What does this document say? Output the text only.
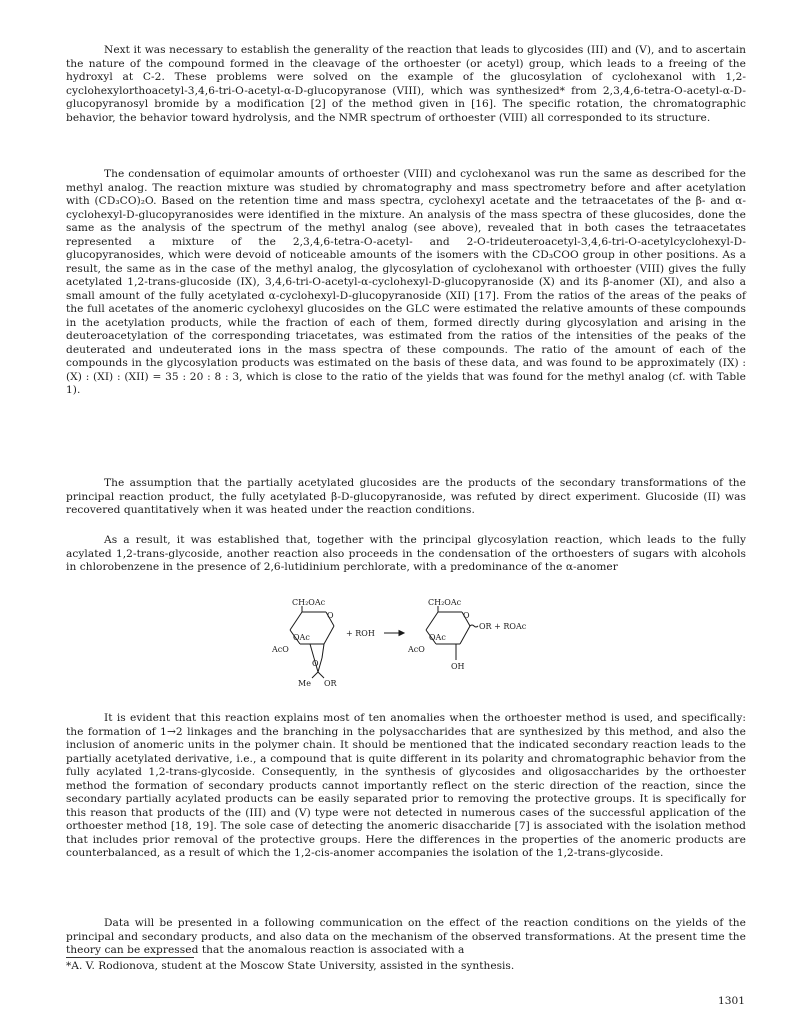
Next it was necessary to establish the generality of the reaction that leads to glycosides (III) and (V), and to ascertain the nature of the compound formed in the cleavage of the orthoester (or acetyl) group, which leads to a freeing of the hydroxyl at C-2. These problems were solved on the example of the glucosylation of cyclohexanol with 1,2-cyclohexylorthoacetyl-3,4,6-tri-O-acetyl-α-D-glucopyranose (VIII), which was synthesized* from 2,3,4,6-tetra-O-acetyl-α-D-glucopyranosyl bromide by a modification [2] of the method given in [16]. The specific rotation, the chromatographic behavior, the behavior toward hydrolysis, and the NMR spectrum of orthoester (VIII) all corresponded to its structure.

The condensation of equimolar amounts of orthoester (VIII) and cyclohexanol was run the same as described for the methyl analog. The reaction mixture was studied by chromatography and mass spectrometry before and after acetylation with (CD₃CO)₂O. Based on the retention time and mass spectra, cyclohexyl acetate and the tetraacetates of the β- and α-cyclohexyl-D-glucopyranosides were identified in the mixture. An analysis of the mass spectra of these glucosides, done the same as the analysis of the spectrum of the methyl analog (see above), revealed that in both cases the tetraacetates represented a mixture of the 2,3,4,6-tetra-O-acetyl- and 2-O-trideuteroacetyl-3,4,6-tri-O-acetylcyclohexyl-D-glucopyranosides, which were devoid of noticeable amounts of the isomers with the CD₃COO group in other positions. As a result, the same as in the case of the methyl analog, the glycosylation of cyclohexanol with orthoester (VIII) gives the fully acetylated 1,2-trans-glucoside (IX), 3,4,6-tri-O-acetyl-α-cyclohexyl-D-glucopyranoside (X) and its β-anomer (XI), and also a small amount of the fully acetylated α-cyclohexyl-D-glucopyranoside (XII) [17]. From the ratios of the areas of the peaks of the full acetates of the anomeric cyclohexyl glucosides on the GLC were estimated the relative amounts of these compounds in the acetylation products, while the fraction of each of them, formed directly during glycosylation and arising in the deuteroacetylation of the corresponding triacetates, was estimated from the ratios of the intensities of the peaks of the deuterated and undeuterated ions in the mass spectra of these compounds. The ratio of the amount of each of the compounds in the glycosylation products was estimated on the basis of these data, and was found to be approximately (IX) : (X) : (XI) : (XII) = 35 : 20 : 8 : 3, which is close to the ratio of the yields that was found for the methyl analog (cf. with Table 1).

The assumption that the partially acetylated glucosides are the products of the secondary transformations of the principal reaction product, the fully acetylated β-D-glucopyranoside, was refuted by direct experiment. Glucoside (II) was recovered quantitatively when it was heated under the reaction conditions.

As a result, it was established that, together with the principal glycosylation reaction, which leads to the fully acylated 1,2-trans-glycoside, another reaction also proceeds in the condensation of the orthoesters of sugars with alcohols in chlorobenzene in the presence of 2,6-lutidinium perchlorate, with a predominance of the α-anomer

CH₂OAc
O
OAc
AcO
O
Me OR
+ ROH
CH₂OAc
O
OAc
AcO
OH
OR + ROAc

It is evident that this reaction explains most of ten anomalies when the orthoester method is used, and specifically: the formation of 1→2 linkages and the branching in the polysaccharides that are synthesized by this method, and also the inclusion of anomeric units in the polymer chain. It should be mentioned that the indicated secondary reaction leads to the partially acetylated derivative, i.e., a compound that is quite different in its polarity and chromatographic behavior from the fully acylated 1,2-trans-glycoside. Consequently, in the synthesis of glycosides and oligosaccharides by the orthoester method the formation of secondary products cannot importantly reflect on the steric direction of the reaction, since the secondary partially acylated products can be easily separated prior to removing the protective groups. It is specifically for this reason that products of the (III) and (V) type were not detected in numerous cases of the successful application of the orthoester method [18, 19]. The sole case of detecting the anomeric disaccharide [7] is associated with the isolation method that includes prior removal of the protective groups. Here the differences in the properties of the anomeric products are counterbalanced, as a result of which the 1,2-cis-anomer accompanies the isolation of the 1,2-trans-glycoside.

Data will be presented in a following communication on the effect of the reaction conditions on the yields of the principal and secondary products, and also data on the mechanism of the observed transformations. At the present time the theory can be expressed that the anomalous reaction is associated with a

*A. V. Rodionova, student at the Moscow State University, assisted in the synthesis.

1301
